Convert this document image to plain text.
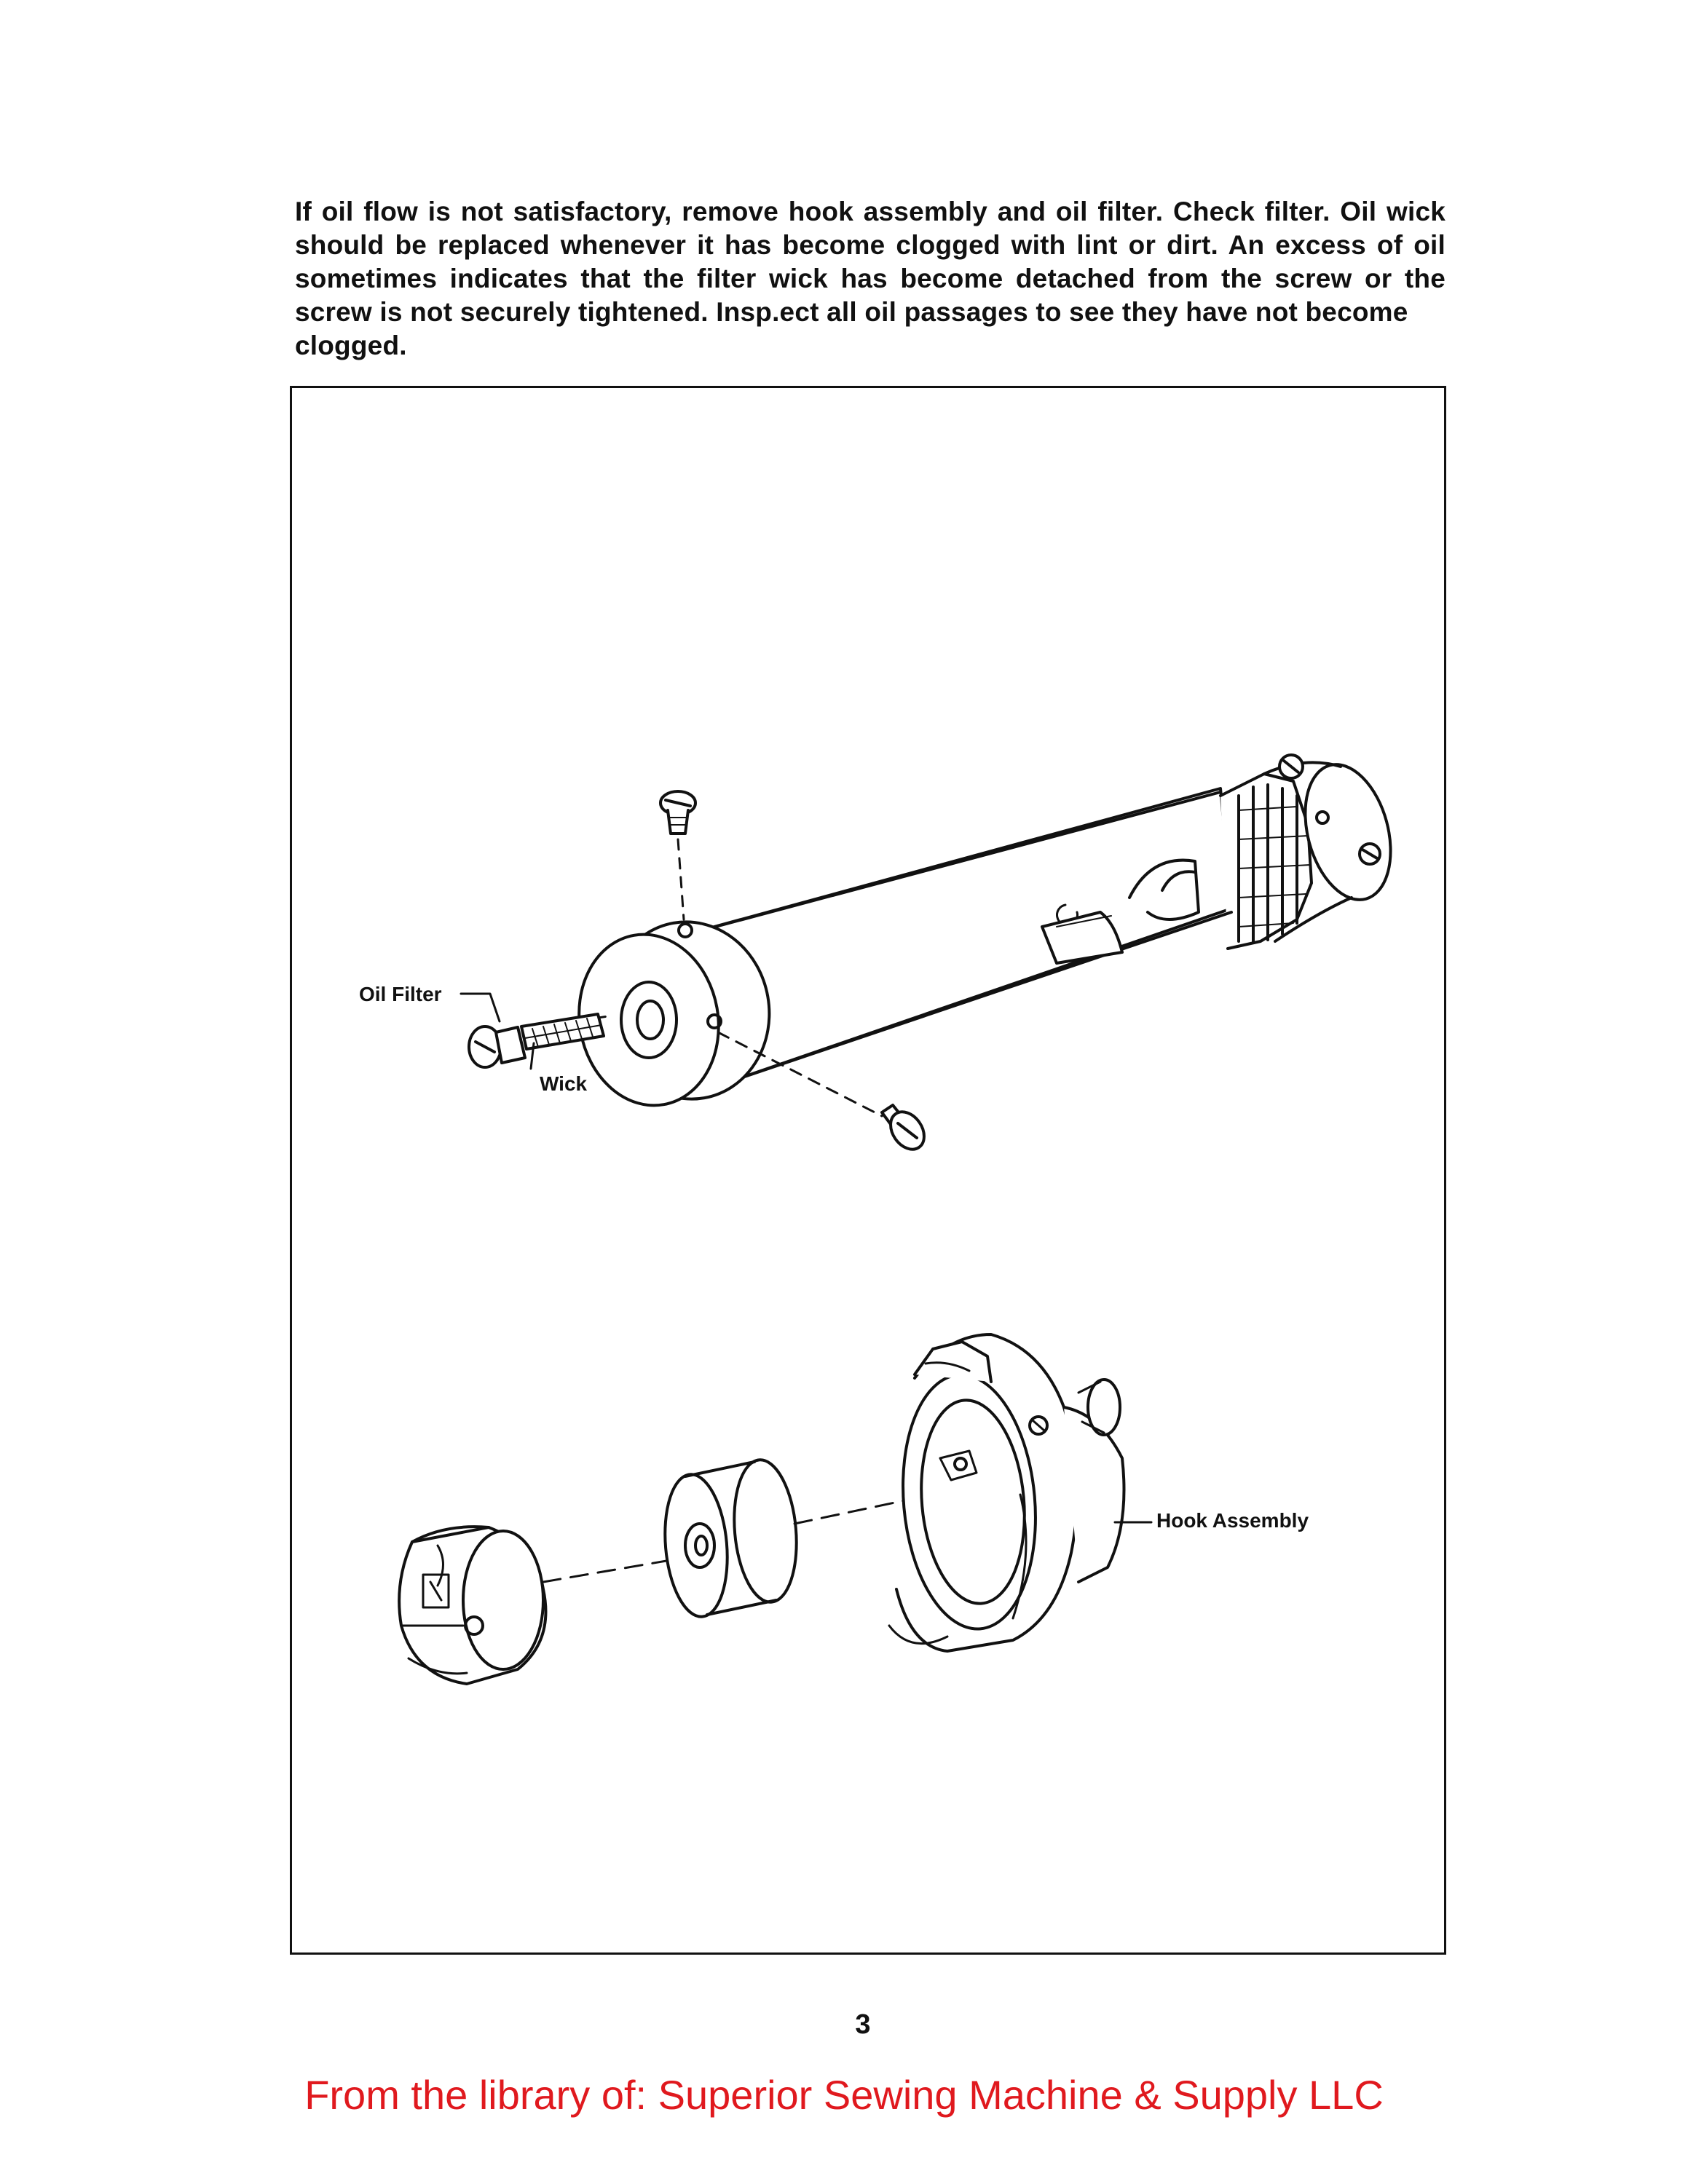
If oil flow is not satisfactory, remove hook assembly and oil filter. Check filter. Oil wick should be replaced whenever it has become clogged with lint or dirt. An excess of oil sometimes indicates that the filter wick has become detached from the screw or the screw is not securely tightened. Insp.ect all oil passages to see they have not become
clogged.

Oil Filter
Wick
Hook Assembly
3
From the library of: Superior Sewing Machine & Supply LLC
